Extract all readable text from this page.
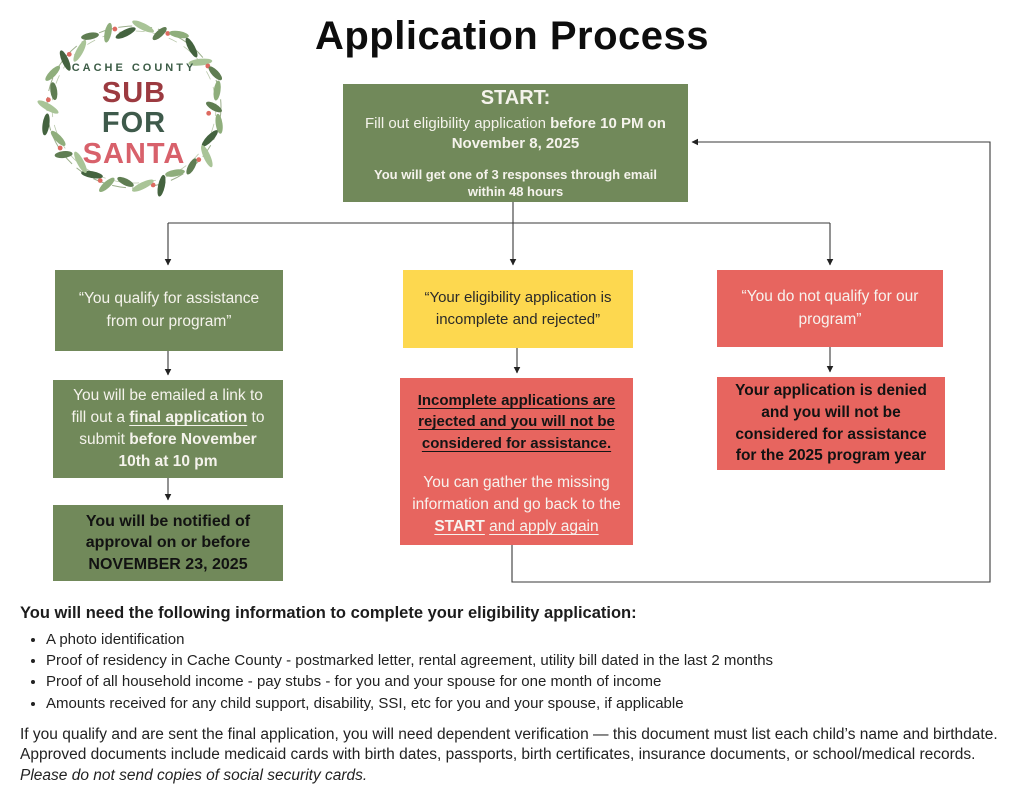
Application Process
CACHE COUNTY
SUB
FOR
SANTA
START:
Fill out eligibility application before 10 PM on November 8, 2025
You will get one of 3 responses through email within 48 hours
“You qualify for assistance from our program”
You will be emailed a link to fill out a final application to submit before November 10th at 10 pm
You will be notified of approval on or before NOVEMBER 23, 2025
“Your eligibility application is incomplete and rejected”
Incomplete applications are rejected and you will not be considered for assistance.
You can gather the missing information and go back to the START and apply again
“You do not qualify for our program”
Your application is denied and you will not be considered for assistance for the 2025 program year

You will need the following information to complete your eligibility application:

• A photo identification
• Proof of residency in Cache County - postmarked letter, rental agreement, utility bill dated in the last 2 months
• Proof of all household income - pay stubs - for you and your spouse for one month of income
• Amounts received for any child support, disability, SSI, etc for you and your spouse, if applicable
If you qualify and are sent the final application, you will need dependent verification — this document must list each child’s name and birthdate.
Approved documents include medicaid cards with birth dates, passports, birth certificates, insurance documents, or school/medical records.
Please do not send copies of social security cards.
